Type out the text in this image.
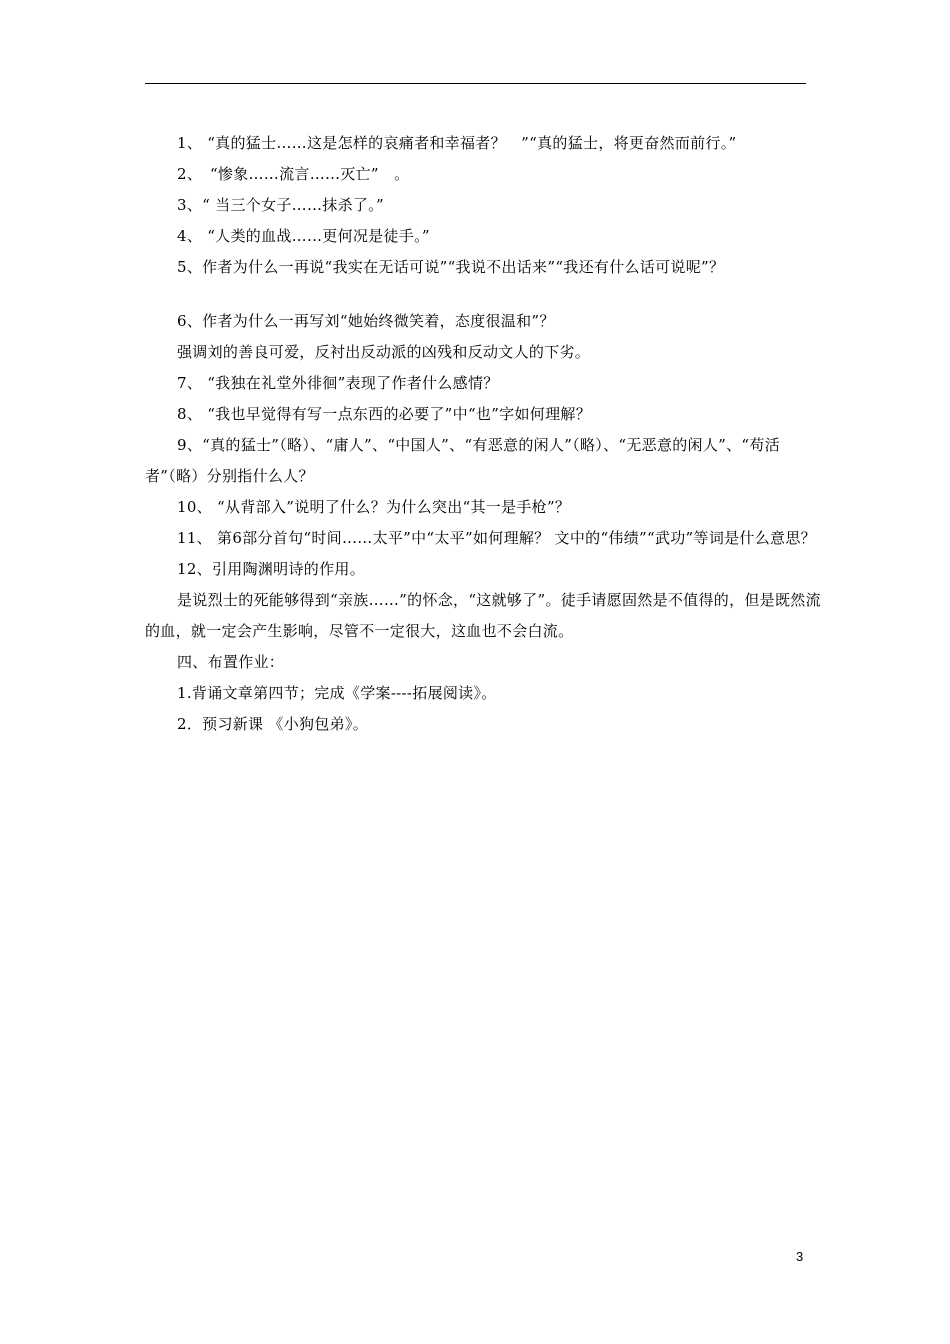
1、 “真的猛士……这是怎样的哀痛者和幸福者？　”“真的猛士，将更奋然而前行。”

2、　“惨象……流言……灭亡”　。

3、“ 当三个女子……抹杀了。”

4、 “人类的血战……更何况是徒手。”

5、作者为什么一再说“我实在无话可说”“我说不出话来”“我还有什么话可说呢”？

6、作者为什么一再写刘“她始终微笑着，态度很温和”？

强调刘的善良可爱，反衬出反动派的凶残和反动文人的下劣。

7、 “我独在礼堂外徘徊”表现了作者什么感情？

8、 “我也早觉得有写一点东西的必要了”中“也”字如何理解？

9、“真的猛士”（略）、“庸人”、“中国人”、“有恶意的闲人”（略）、“无恶意的闲人”、“苟活者”（略）分别指什么人？

10、 “从背部入”说明了什么？为什么突出“其一是手枪”？

11、 第6部分首句“时间……太平”中“太平”如何理解？ 文中的“伟绩”“武功”等词是什么意思？

12、引用陶渊明诗的作用。

是说烈士的死能够得到“亲族……”的怀念，“这就够了”。徒手请愿固然是不值得的，但是既然流的血，就一定会产生影响，尽管不一定很大，这血也不会白流。

四、布置作业：

1.背诵文章第四节；完成《学案----拓展阅读》。

2．预习新课 《小狗包弟》。

3
